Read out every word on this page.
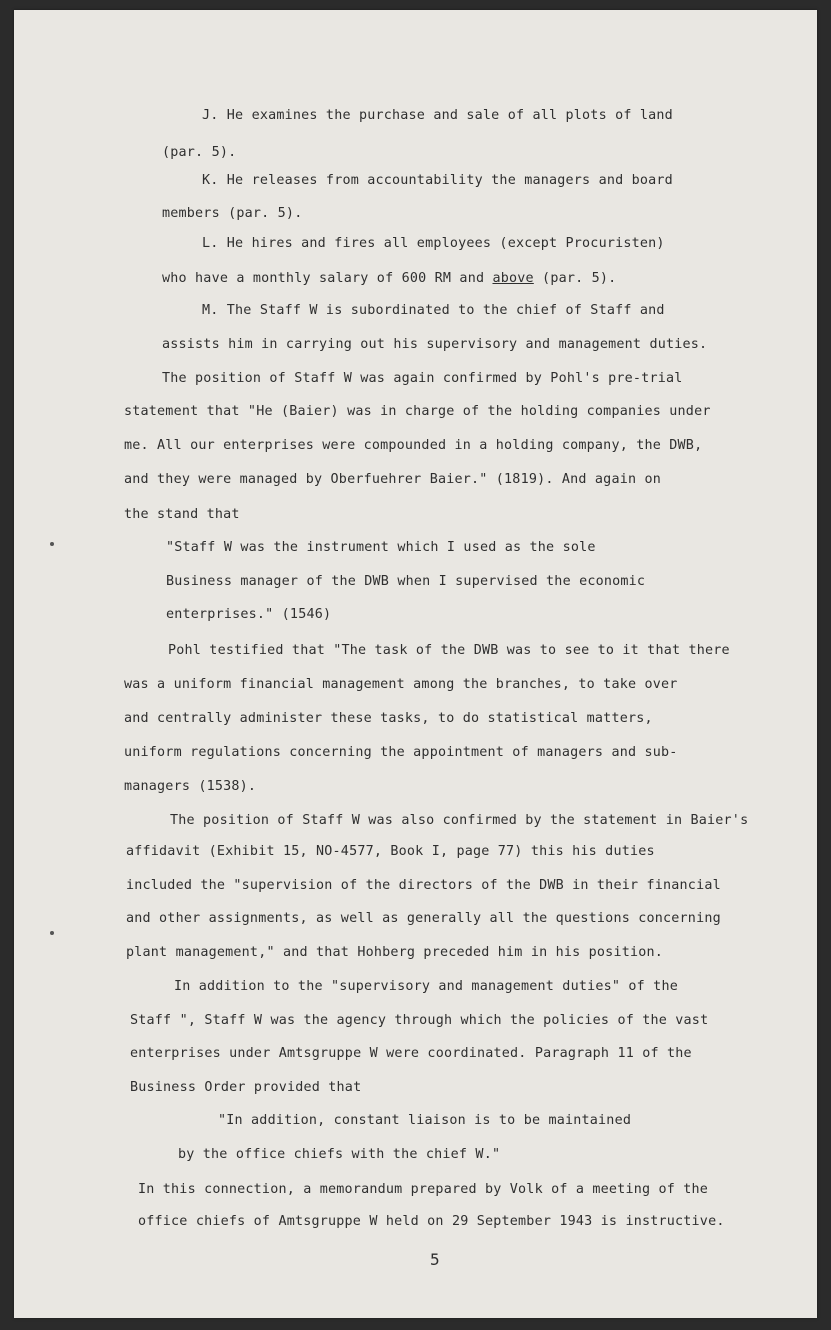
J. He examines the purchase and sale of all plots of land
(par. 5).
K. He releases from accountability the managers and board
members (par. 5).
L. He hires and fires all employees (except Procuristen)
who have a monthly salary of 600 RM and above (par. 5).
M. The Staff W is subordinated to the chief of Staff and
assists him in carrying out his supervisory and management duties.
The position of Staff W was again confirmed by Pohl's pre-trial
statement that "He (Baier) was in charge of the holding companies under
me. All our enterprises were compounded in a holding company, the DWB,
and they were managed by Oberfuehrer Baier." (1819). And again on
the stand that
"Staff W was the instrument which I used as the sole
Business manager of the DWB when I supervised the economic
enterprises." (1546)
Pohl testified that "The task of the DWB was to see to it that there
was a uniform financial management among the branches, to take over
and centrally administer these tasks, to do statistical matters,
uniform regulations concerning the appointment of managers and sub-
managers (1538).
The position of Staff W was also confirmed by the statement in Baier's
affidavit (Exhibit 15, NO-4577, Book I, page 77) this his duties
included the "supervision of the directors of the DWB in their financial
and other assignments, as well as generally all the questions concerning
plant management," and that Hohberg preceded him in his position.
In addition to the "supervisory and management duties" of the
Staff ", Staff W was the agency through which the policies of the vast
enterprises under Amtsgruppe W were coordinated. Paragraph 11 of the
Business Order provided that
"In addition, constant liaison is to be maintained
by the office chiefs with the chief W."
In this connection, a memorandum prepared by Volk of a meeting of the
office chiefs of Amtsgruppe W held on 29 September 1943 is instructive.
5
